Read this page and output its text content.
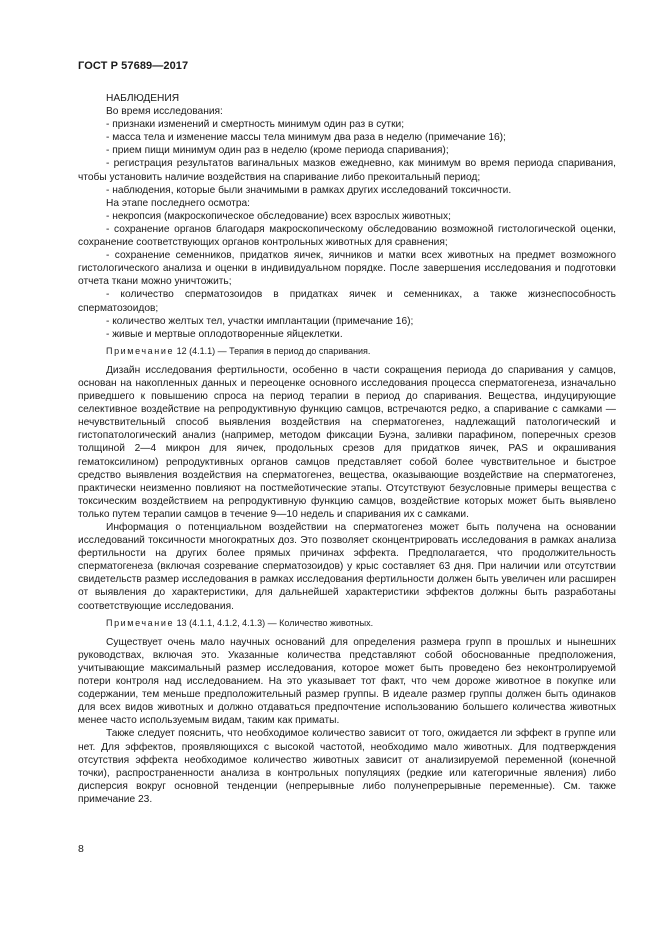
ГОСТ Р 57689—2017

НАБЛЮДЕНИЯ

Во время исследования:

- признаки изменений и смертность минимум один раз в сутки;

- масса тела и изменение массы тела минимум два раза в неделю (примечание 16);

- прием пищи минимум один раз в неделю (кроме периода спаривания);

- регистрация результатов вагинальных мазков ежедневно, как минимум во время периода спаривания, чтобы установить наличие воздействия на спаривание либо прекоитальный период;

- наблюдения, которые были значимыми в рамках других исследований токсичности.

На этапе последнего осмотра:

- некропсия (макроскопическое обследование) всех взрослых животных;

- сохранение органов благодаря макроскопическому обследованию возможной гистологической оценки, сохранение соответствующих органов контрольных животных для сравнения;

- сохранение семенников, придатков яичек, яичников и матки всех животных на предмет возможного гистологического анализа и оценки в индивидуальном порядке. После завершения исследования и подготовки отчета ткани можно уничтожить;

- количество сперматозоидов в придатках яичек и семенниках, а также жизнеспособность сперматозоидов;

- количество желтых тел, участки имплантации (примечание 16);

- живые и мертвые оплодотворенные яйцеклетки.

Примечание 12 (4.1.1) — Терапия в период до спаривания.

Дизайн исследования фертильности, особенно в части сокращения периода до спаривания у самцов, основан на накопленных данных и переоценке основного исследования процесса сперматогенеза, изначально приведшего к повышению спроса на период терапии в период до спаривания. Вещества, индуцирующие селективное воздействие на репродуктивную функцию самцов, встречаются редко, а спаривание с самками — нечувствительный способ выявления воздействия на сперматогенез, надлежащий патологический и гистопатологический анализ (например, методом фиксации Буэна, заливки парафином, поперечных срезов толщиной 2—4 микрон для яичек, продольных срезов для придатков яичек, PAS и окрашивания гематоксилином) репродуктивных органов самцов представляет собой более чувствительное и быстрое средство выявления воздействия на сперматогенез, вещества, оказывающие воздействие на сперматогенез, практически неизменно повлияют на постмейотические этапы. Отсутствуют безусловные примеры вещества с токсическим воздействием на репродуктивную функцию самцов, воздействие которых может быть выявлено только путем терапии самцов в течение 9—10 недель и спаривания их с самками.

Информация о потенциальном воздействии на сперматогенез может быть получена на основании исследований токсичности многократных доз. Это позволяет сконцентрировать исследования в рамках анализа фертильности на других более прямых причинах эффекта. Предполагается, что продолжительность сперматогенеза (включая созревание сперматозоидов) у крыс составляет 63 дня. При наличии или отсутствии свидетельств размер исследования в рамках исследования фертильности должен быть увеличен или расширен от выявления до характеристики, для дальнейшей характеристики эффектов должны быть разработаны соответствующие исследования.

Примечание 13 (4.1.1, 4.1.2, 4.1.3) — Количество животных.

Существует очень мало научных оснований для определения размера групп в прошлых и нынешних руководствах, включая это. Указанные количества представляют собой обоснованные предположения, учитывающие максимальный размер исследования, которое может быть проведено без неконтролируемой потери контроля над исследованием. На это указывает тот факт, что чем дороже животное в покупке или содержании, тем меньше предположительный размер группы. В идеале размер группы должен быть одинаков для всех видов животных и должно отдаваться предпочтение использованию большего количества животных менее часто используемым видам, таким как приматы.

Также следует пояснить, что необходимое количество зависит от того, ожидается ли эффект в группе или нет. Для эффектов, проявляющихся с высокой частотой, необходимо мало животных. Для подтверждения отсутствия эффекта необходимое количество животных зависит от анализируемой переменной (конечной точки), распространенности анализа в контрольных популяциях (редкие или категоричные явления) либо дисперсия вокруг основной тенденции (непрерывные либо полунепрерывные переменные). См. также примечание 23.

8
